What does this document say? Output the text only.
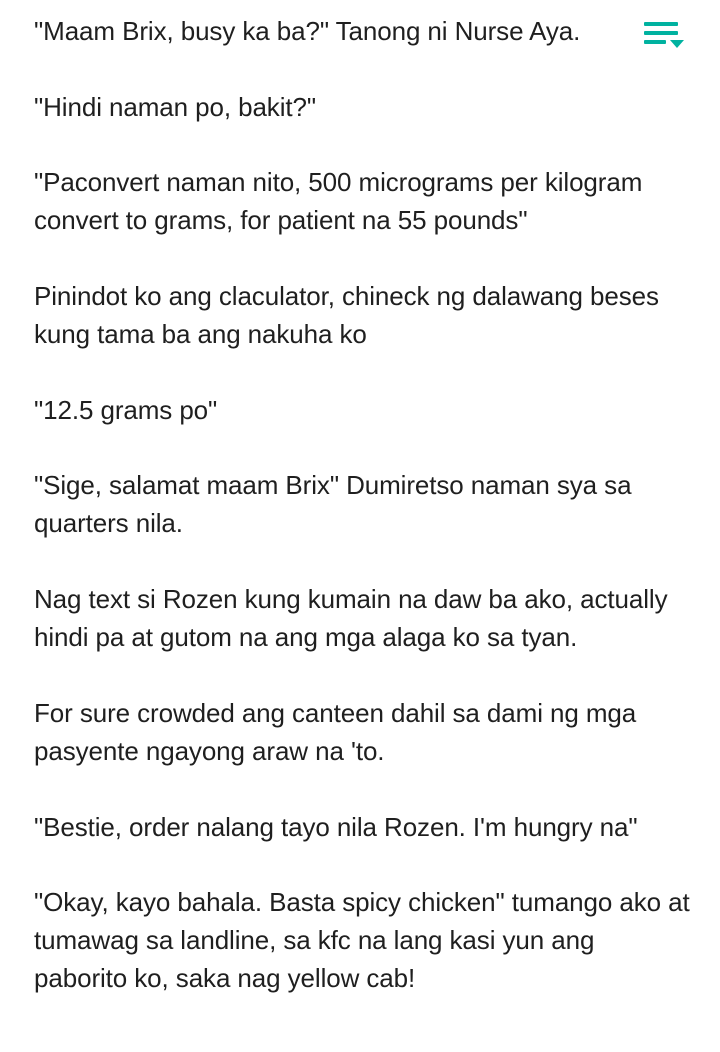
"Maam Brix, busy ka ba?" Tanong ni Nurse Aya.

"Hindi naman po, bakit?"

"Paconvert naman nito, 500 micrograms per kilogram convert to grams, for patient na 55 pounds"

Pinindot ko ang claculator, chineck ng dalawang beses kung tama ba ang nakuha ko

"12.5 grams po"

"Sige, salamat maam Brix" Dumiretso naman sya sa quarters nila.

Nag text si Rozen kung kumain na daw ba ako, actually hindi pa at gutom na ang mga alaga ko sa tyan.

For sure crowded ang canteen dahil sa dami ng mga pasyente ngayong araw na 'to.

"Bestie, order nalang tayo nila Rozen. I'm hungry na"

"Okay, kayo bahala. Basta spicy chicken" tumango ako at tumawag sa landline, sa kfc na lang kasi yun ang paborito ko, saka nag yellow cab!
